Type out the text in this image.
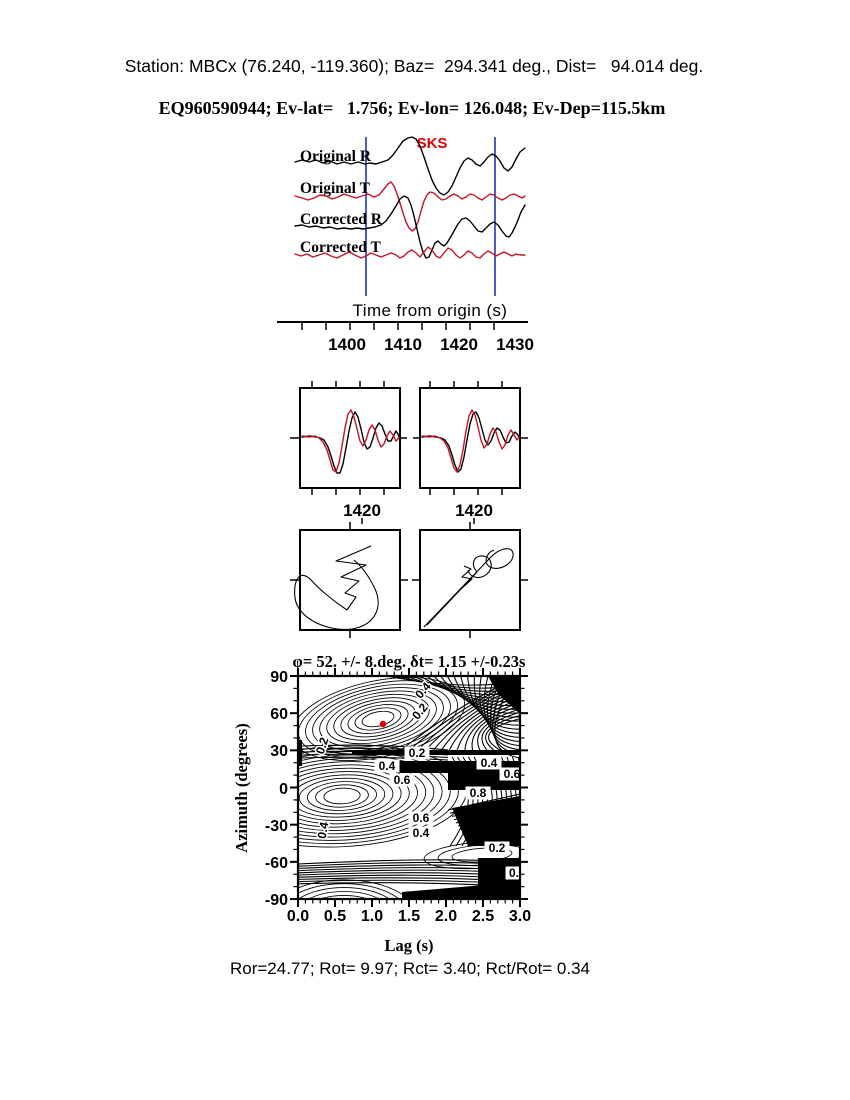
Station: MBCx (76.240, -119.360); Baz=  294.341 deg., Dist=   94.014 deg.
EQ960590944; Ev-lat=   1.756; Ev-lon= 126.048; Ev-Dep=115.5km
SKS
Original R
Original T
Corrected R
Corrected T
Time from origin (s)
1400 1410 1420 1430
1420	1420
φ= 52. +/- 8.deg. δt= 1.15 +/-0.23s
Azimuth (degrees)
0.4
0.2
0.2	0.2
0.4	0.4
0.6
0.6
0.8
0.4
0.6
0.4
0.2
0.
90
60
30
0
-30
-60
-90
0.0 0.5 1.0 1.5 2.0 2.5 3.0
Lag (s)
Ror=24.77; Rot= 9.97; Rct= 3.40; Rct/Rot= 0.34
